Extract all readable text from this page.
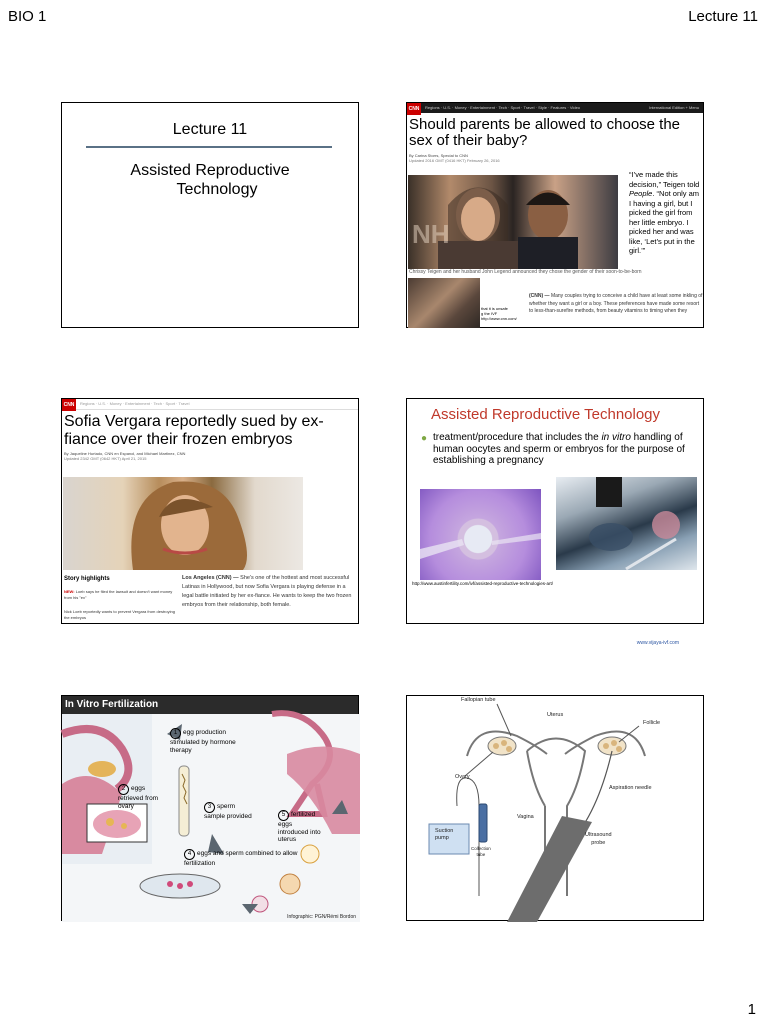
BIO 1	Lecture 11
Lecture 11
Assisted Reproductive
Technology
CNN	Regions · U.S. · Money · Entertainment · Tech · Sport · Travel · Style · Features · Video	International Edition + Menu
Should parents be allowed to choose the sex of their baby?
By Carina Storrs, Special to CNN
Updated 2016 GMT (0416 HKT) February 26, 2016
NH
“I’ve made this decision,” Teigen told People. “Not only am I having a girl, but I picked the girl from her little embryo. I picked her and was like, ‘Let’s put in the girl.’”
Chrissy Teigen and her husband John Legend announced they chose the gender of their soon-to-be-born
that it is unsafe
g the IVF
http://www.cnn.com/
(CNN) — Many couples trying to conceive a child have at least some inkling of whether they want a girl or a boy. These preferences have made some resort to less-than-surefire methods, from beauty vitamins to timing when they
CNN	Regions · U.S. · Money · Entertainment · Tech · Sport · Travel
Sofia Vergara reportedly sued by ex-fiance over their frozen embryos
By Jaqueline Hurtado, CNN en Espanol, and Michael Martinez, CNN
Updated 2342 GMT (0642 HKT) April 21, 2015
Story highlights
NEW: Loeb says he filed the lawsuit and doesn't want money from his "ex"
Nick Loeb reportedly wants to prevent Vergara from destroying the embryos
Los Angeles (CNN) — She's one of the hottest and most successful Latinas in Hollywood, but now Sofia Vergara is playing defense in a legal battle initiated by her ex-fiance. He wants to keep the two frozen embryos from their relationship, both female.
Assisted Reproductive Technology
● treatment/procedure that includes the in vitro handling of human oocytes and sperm or embryos for the purpose of establishing a pregnancy
www.vijaya-ivf.com
http://www.austinfertility.com/ivf/assisted-reproductive-technologies-art/
In Vitro Fertilization
1 egg production stimulated by hormone therapy
2 eggs retrieved from ovary	3 sperm sample provided
4 eggs and sperm combined to allow fertilization
5 fertilized eggs introduced into uterus
Infographic: PGN/Rémi Bordon
Fallopian tube
Uterus
Follicle
Ovary
Aspiration needle
Vagina
Suction
pump
Collection
tube
Ultrasound
probe
1
